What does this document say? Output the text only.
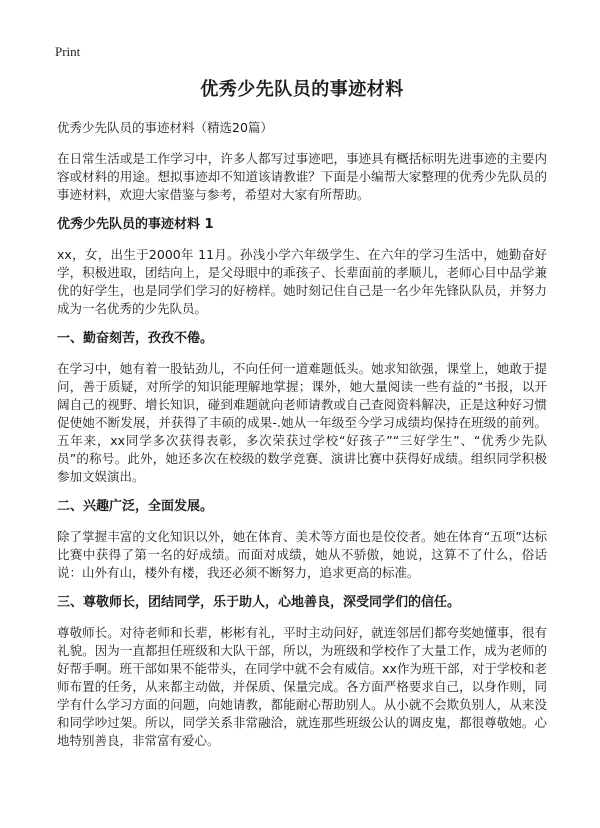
Print
优秀少先队员的事迹材料
优秀少先队员的事迹材料（精选20篇）

在日常生活或是工作学习中，许多人都写过事迹吧，事迹具有概括标明先进事迹的主要内容或材料的用途。想拟事迹却不知道该请教谁？下面是小编帮大家整理的优秀少先队员的事迹材料，欢迎大家借鉴与参考，希望对大家有所帮助。

优秀少先队员的事迹材料 1

xx，女，出生于2000年 11月。孙浅小学六年级学生、在六年的学习生活中，她勤奋好学，积极进取，团结向上，是父母眼中的乖孩子、长辈面前的孝顺儿，老师心目中品学兼优的好学生，也是同学们学习的好榜样。她时刻记住自己是一名少年先锋队队员，并努力成为一名优秀的少先队员。

一、勤奋刻苦，孜孜不倦。

在学习中，她有着一股钻劲儿，不向任何一道难题低头。她求知欲强，课堂上，她敢于提问，善于质疑，对所学的知识能理解地掌握；课外，她大量阅读一些有益的“书报，以开阔自己的视野、增长知识，碰到难题就向老师请教或自己查阅资料解决，正是这种好习惯促使她不断发展，并获得了丰硕的成果-.她从一年级至今学习成绩均保持在班级的前列。五年来，xx同学多次获得表彰，多次荣获过学校“好孩子”“三好学生”、“优秀少先队员”的称号。此外，她还多次在校级的数学竞赛、演讲比赛中获得好成绩。组织同学积极参加文娱演出。

二、兴趣广泛，全面发展。

除了掌握丰富的文化知识以外，她在体育、美术等方面也是佼佼者。她在体育“五项”达标比赛中获得了第一名的好成绩。而面对成绩，她从不骄傲，她说，这算不了什么，俗话说：山外有山，楼外有楼，我还必须不断努力，追求更高的标准。

三、尊敬师长，团结同学，乐于助人，心地善良，深受同学们的信任。

尊敬师长。对待老师和长辈，彬彬有礼，平时主动问好，就连邻居们都夸奖她懂事，很有礼貌。因为一直都担任班级和大队干部，所以，为班级和学校作了大量工作，成为老师的好帮手啊。班干部如果不能带头，在同学中就不会有威信。xx作为班干部，对于学校和老师布置的任务，从来都主动做，并保质、保量完成。各方面严格要求自己，以身作则，同学有什么学习方面的问题，向她请教，都能耐心帮助别人。从小就不会欺负别人，从来没和同学吵过架。所以，同学关系非常融洽，就连那些班级公认的调皮鬼，都很尊敬她。心地特别善良，非常富有爱心。
